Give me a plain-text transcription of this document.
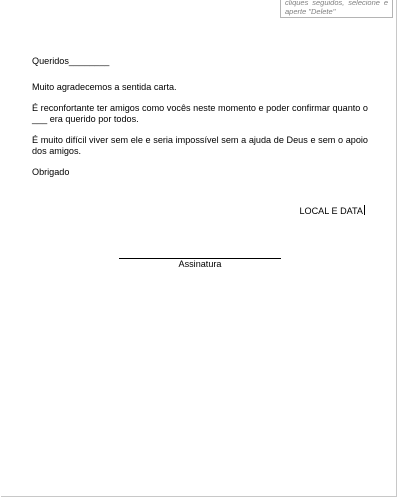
cliques seguidos, selecione e
aperte "Delete"

Queridos________

Muito agradecemos a sentida carta.

É reconfortante ter amigos como vocês neste momento e poder confirmar quanto o ___ era querido por todos.

É muito difícil viver sem ele e seria impossível sem a ajuda de Deus e sem o apoio dos amigos.

Obrigado

LOCAL E DATA
Assinatura
